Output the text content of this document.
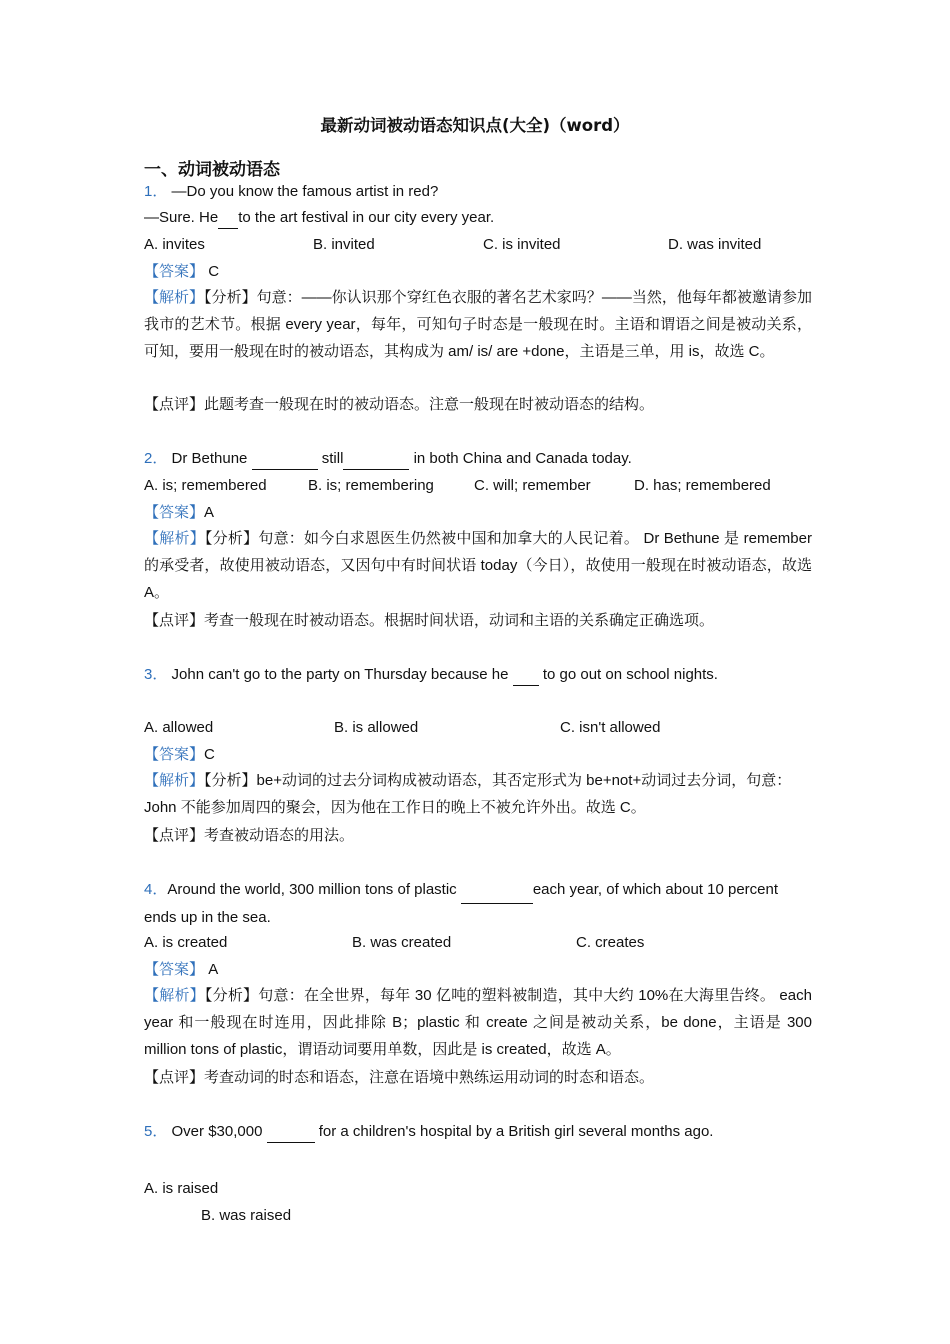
最新动词被动语态知识点(大全)（word）
一、动词被动语态
1． —Do you know the famous artist in red?
—Sure. He to the art festival in our city every year.
A. invites	B. invited	C. is invited	D. was invited
【答案】 C
【解析】【分析】句意：——你认识那个穿红色衣服的著名艺术家吗？——当然，他每年都被邀请参加我市的艺术节。根据 every year，每年，可知句子时态是一般现在时。主语和谓语之间是被动关系，可知，要用一般现在时的被动语态，其构成为 am/ is/ are +done，主语是三单，用 is，故选 C。
【点评】此题考查一般现在时的被动语态。注意一般现在时被动语态的结构。
2． Dr Bethune	still	in both China and Canada today.
A. is; remembered	B. is; remembering	C. will; remember	D. has; remembered
【答案】A
【解析】【分析】句意：如今白求恩医生仍然被中国和加拿大的人民记着。 Dr Bethune 是 remember 的承受者，故使用被动语态，又因句中有时间状语 today（今日），故使用一般现在时被动语态，故选 A。
【点评】考查一般现在时被动语态。根据时间状语，动词和主语的关系确定正确选项。
3． John can't go to the party on Thursday because he   to go out on school nights.
A. allowed	B. is allowed	C. isn't allowed
【答案】C
【解析】【分析】be+动词的过去分词构成被动语态，其否定形式为 be+not+动词过去分词，句意：John 不能参加周四的聚会，因为他在工作日的晚上不被允许外出。故选 C。
【点评】考查被动语态的用法。
4．Around the world, 300 million tons of plastic	each year, of which about 10 percent ends up in the sea.
A. is created	B. was created	C. creates
【答案】 A
【解析】【分析】句意：在全世界，每年 30 亿吨的塑料被制造，其中大约 10%在大海里告终。 each year 和一般现在时连用，因此排除 B；plastic 和 create 之间是被动关系，be done，主语是 300 million tons of plastic，谓语动词要用单数，因此是 is created，故选 A。
【点评】考查动词的时态和语态，注意在语境中熟练运用动词的时态和语态。
5． Over $30,000	for a children's hospital by a British girl several months ago.
A. is raised
B. was raised
